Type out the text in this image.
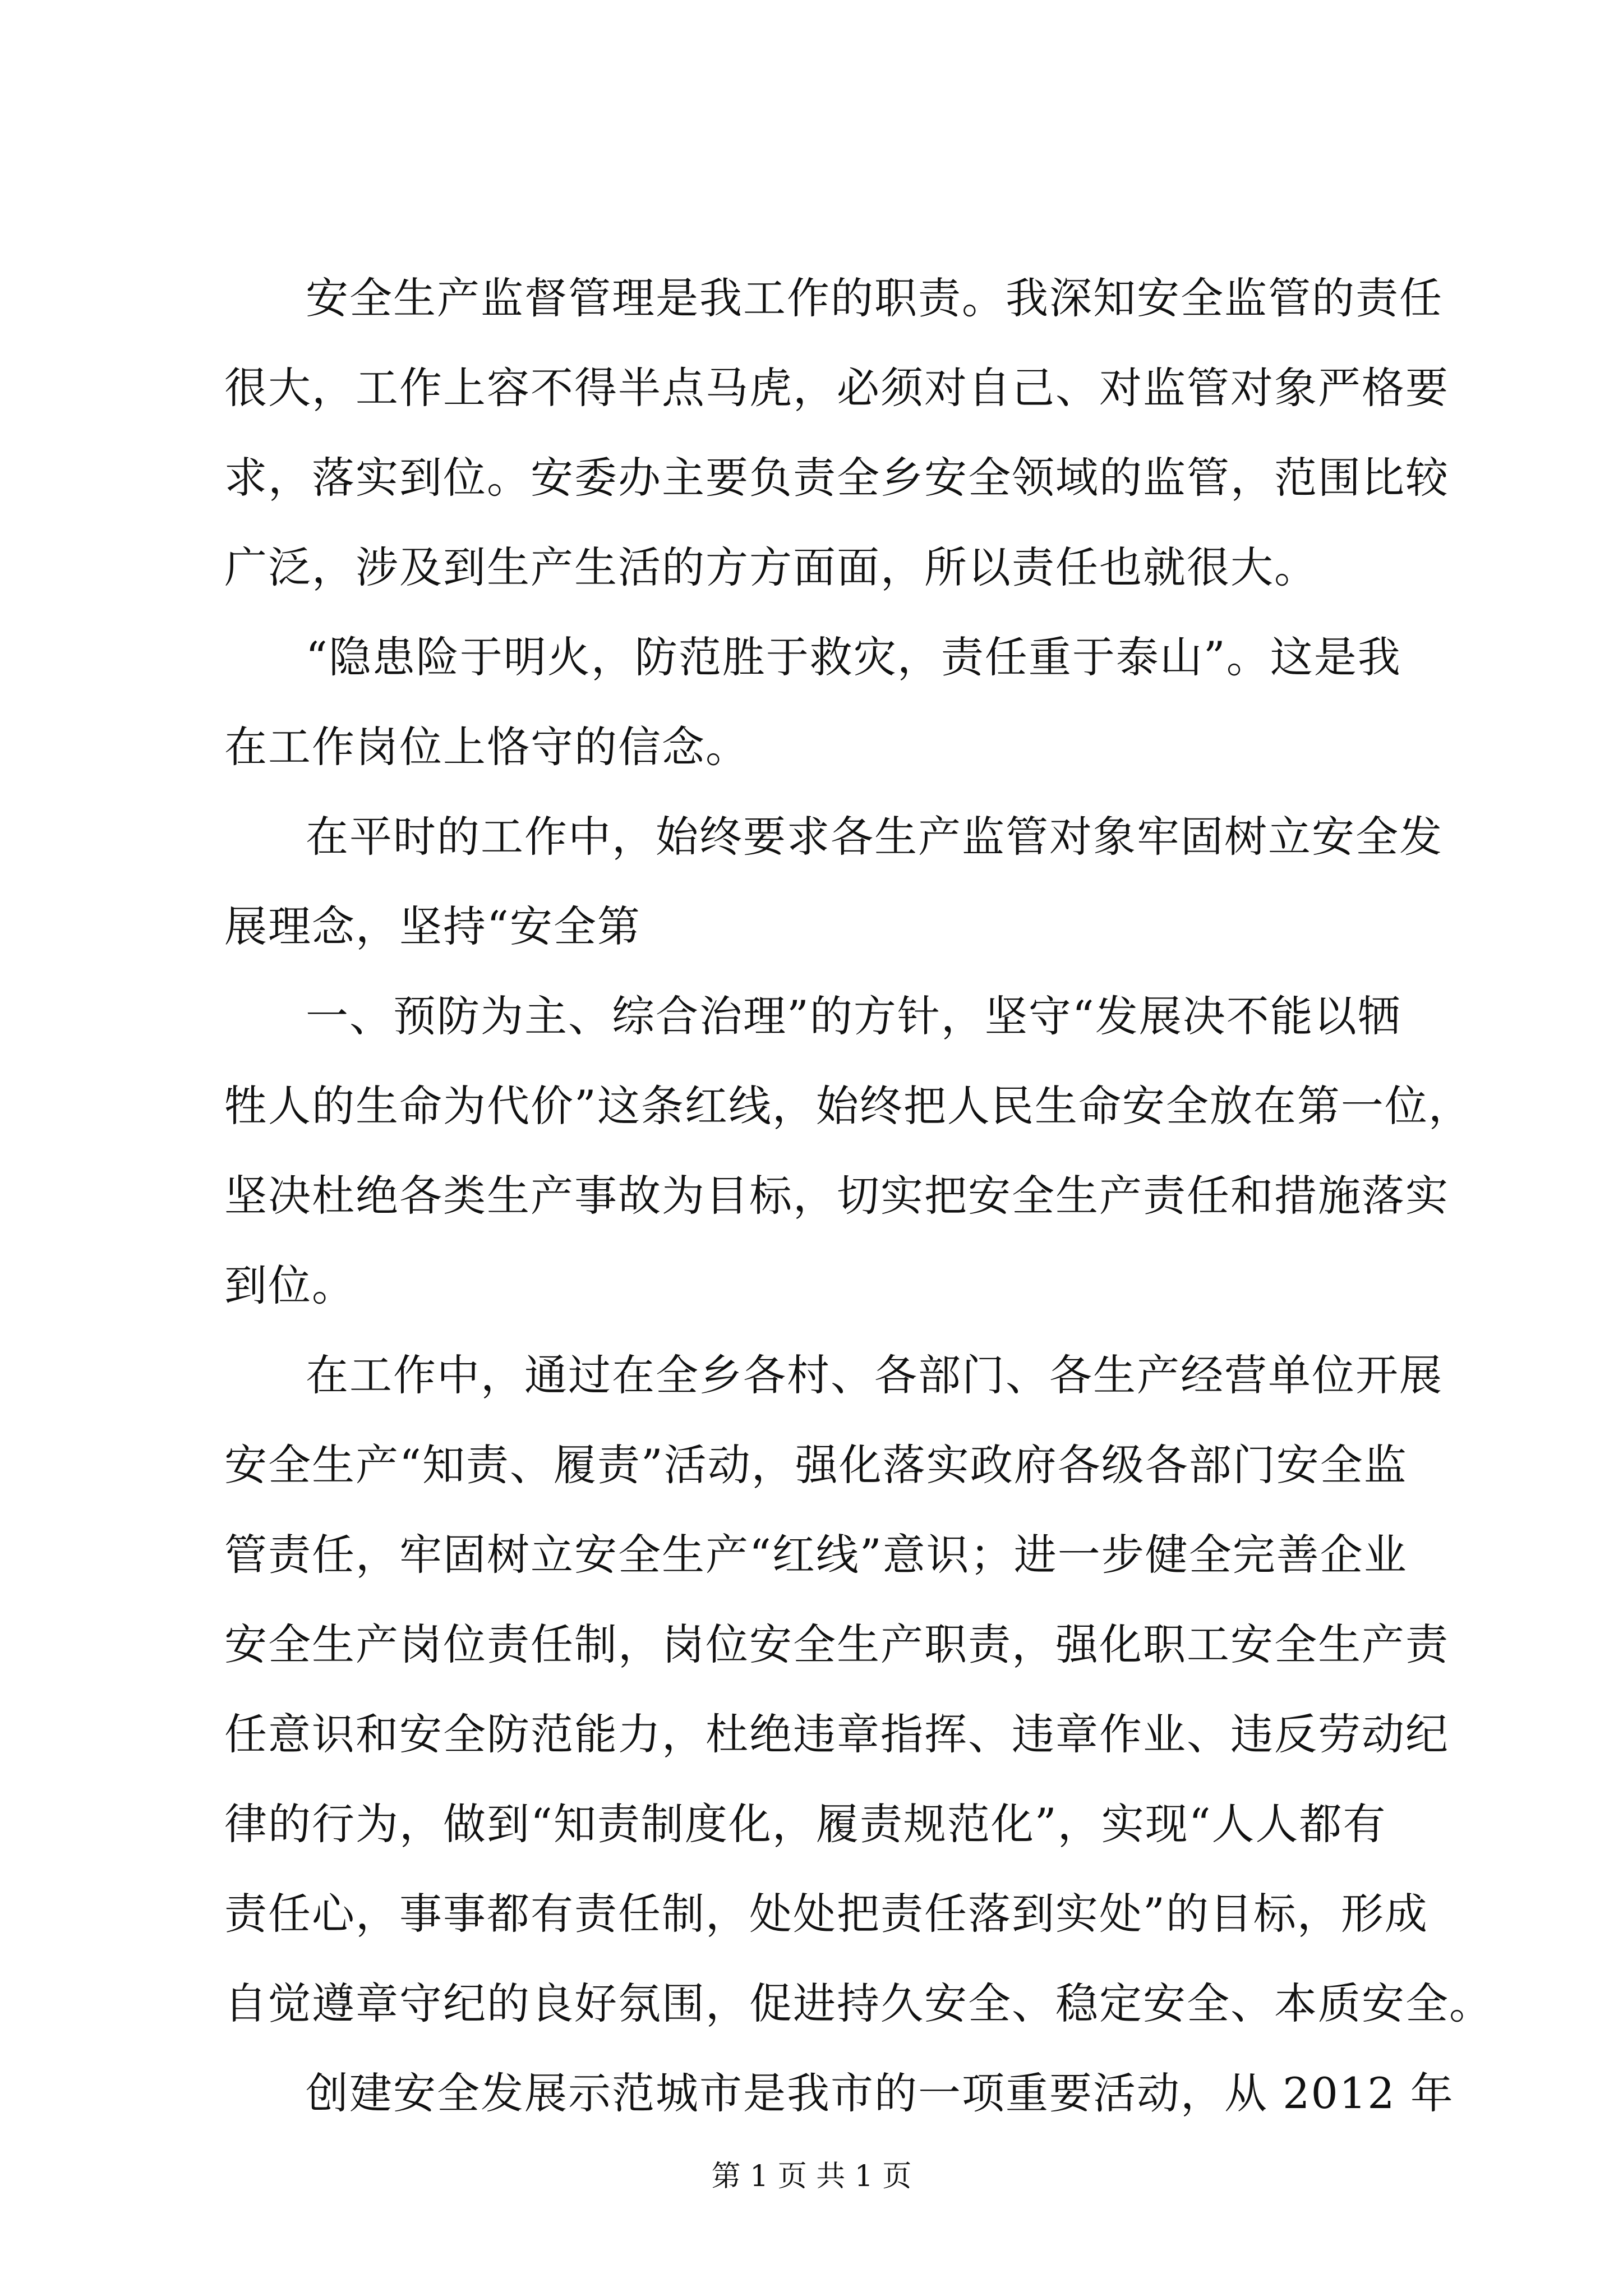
安全生产监督管理是我工作的职责。我深知安全监管的责任
很大，工作上容不得半点马虎，必须对自己、对监管对象严格要
求，落实到位。安委办主要负责全乡安全领域的监管，范围比较
广泛，涉及到生产生活的方方面面，所以责任也就很大。
“隐患险于明火，防范胜于救灾，责任重于泰山”。这是我
在工作岗位上恪守的信念。
在平时的工作中，始终要求各生产监管对象牢固树立安全发
展理念，坚持“安全第
一、预防为主、综合治理”的方针，坚守“发展决不能以牺
牲人的生命为代价”这条红线，始终把人民生命安全放在第一位，
坚决杜绝各类生产事故为目标，切实把安全生产责任和措施落实
到位。
在工作中，通过在全乡各村、各部门、各生产经营单位开展
安全生产“知责、履责”活动，强化落实政府各级各部门安全监
管责任，牢固树立安全生产“红线”意识；进一步健全完善企业
安全生产岗位责任制，岗位安全生产职责，强化职工安全生产责
任意识和安全防范能力，杜绝违章指挥、违章作业、违反劳动纪
律的行为，做到“知责制度化，履责规范化”，实现“人人都有
责任心，事事都有责任制，处处把责任落到实处”的目标，形成
自觉遵章守纪的良好氛围，促进持久安全、稳定安全、本质安全。
创建安全发展示范城市是我市的一项重要活动，从 2012 年
第 1 页 共 1 页
